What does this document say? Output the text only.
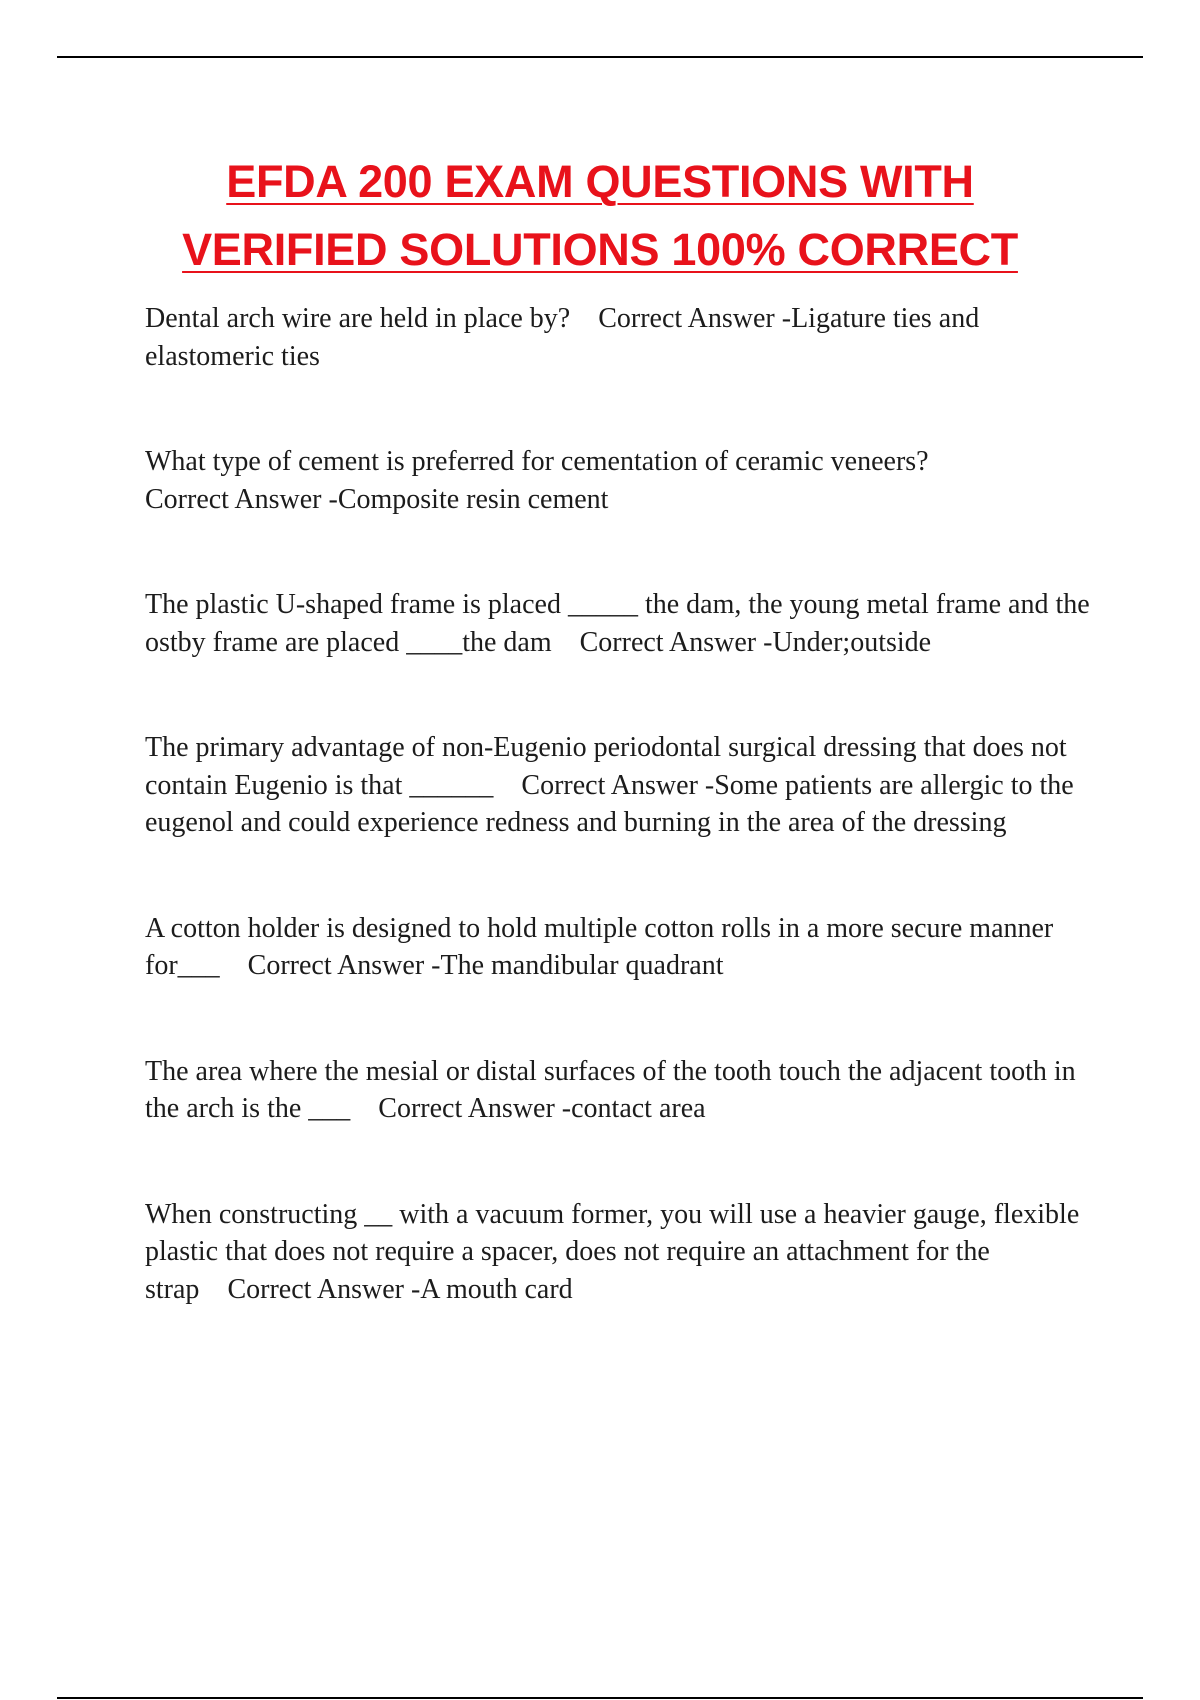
EFDA 200 EXAM QUESTIONS WITH
VERIFIED SOLUTIONS 100% CORRECT

Dental arch wire are held in place by? Correct Answer -Ligature ties and elastomeric ties

What type of cement is preferred for cementation of ceramic veneers?
Correct Answer -Composite resin cement

The plastic U-shaped frame is placed _____ the dam, the young metal frame and the ostby frame are placed ____the dam Correct Answer -Under;outside

The primary advantage of non-Eugenio periodontal surgical dressing that does not contain Eugenio is that ______ Correct Answer -Some patients are allergic to the eugenol and could experience redness and burning in the area of the dressing

A cotton holder is designed to hold multiple cotton rolls in a more secure manner for___ Correct Answer -The mandibular quadrant

The area where the mesial or distal surfaces of the tooth touch the adjacent tooth in the arch is the ___ Correct Answer -contact area

When constructing __ with a vacuum former, you will use a heavier gauge, flexible plastic that does not require a spacer, does not require an attachment for the strap Correct Answer -A mouth card
